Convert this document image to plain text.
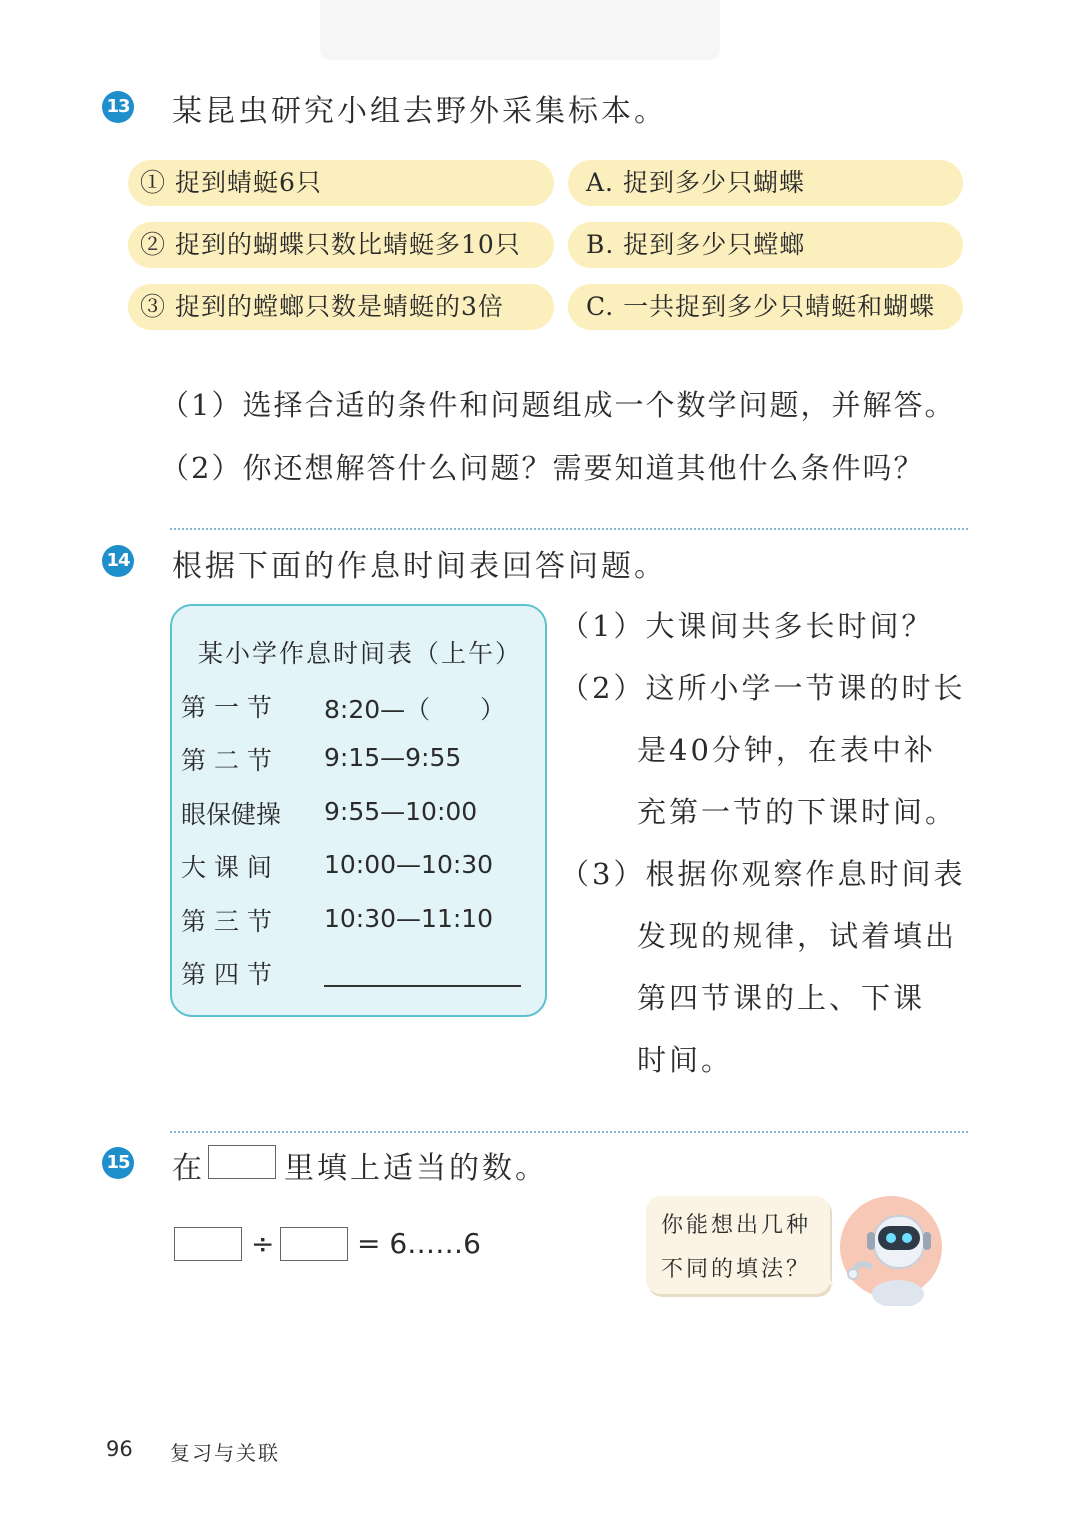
13 某昆虫研究小组去野外采集标本。
① 捉到蜻蜓6只	A. 捉到多少只蝴蝶
② 捉到的蝴蝶只数比蜻蜓多10只	B. 捉到多少只螳螂
③ 捉到的螳螂只数是蜻蜓的3倍	C. 一共捉到多少只蜻蜓和蝴蝶
（1）选择合适的条件和问题组成一个数学问题，并解答。
（2）你还想解答什么问题？需要知道其他什么条件吗？
14 根据下面的作息时间表回答问题。
某小学作息时间表（上午）
第 一 节 8:20—（　　）
第 二 节 9:15—9:55
眼保健操 9:55—10:00
大 课 间 10:00—10:30
第 三 节 10:30—11:10
第 四 节
（1）大课间共多长时间？
（2）这所小学一节课的时长
是40分钟，在表中补
充第一节的下课时间。
（3）根据你观察作息时间表
发现的规律，试着填出
第四节课的上、下课
时间。
15 在	里填上适当的数。
÷	= 6……6
你能想出几种
不同的填法？
96 复习与关联
